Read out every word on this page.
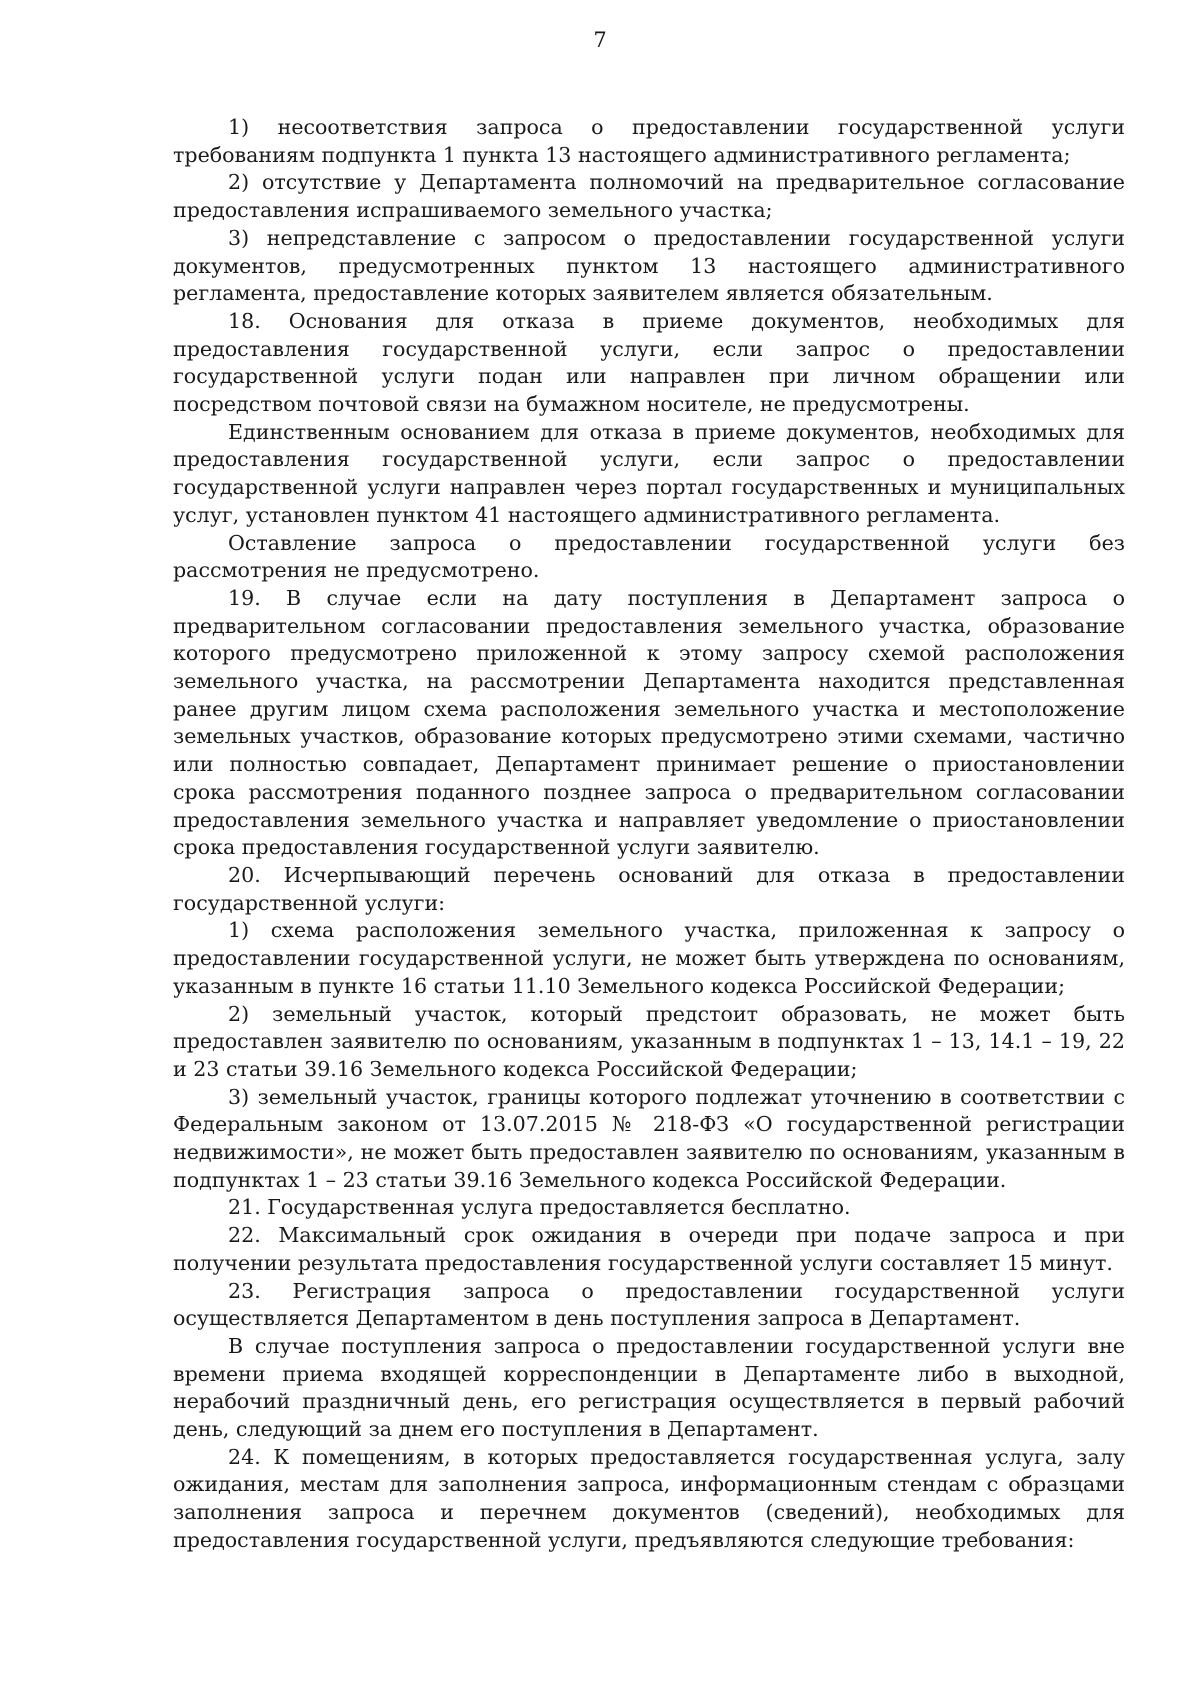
7

1) несоответствия запроса о предоставлении государственной услуги требованиям подпункта 1 пункта 13 настоящего административного регламента;

2) отсутствие у Департамента полномочий на предварительное согласование предоставления испрашиваемого земельного участка;

3) непредставление с запросом о предоставлении государственной услуги документов, предусмотренных пунктом 13 настоящего административного регламента, предоставление которых заявителем является обязательным.

18. Основания для отказа в приеме документов, необходимых для предоставления государственной услуги, если запрос о предоставлении государственной услуги подан или направлен при личном обращении или посредством почтовой связи на бумажном носителе, не предусмотрены.

Единственным основанием для отказа в приеме документов, необходимых для предоставления государственной услуги, если запрос о предоставлении государственной услуги направлен через портал государственных и муниципальных услуг, установлен пунктом 41 настоящего административного регламента.

Оставление запроса о предоставлении государственной услуги без рассмотрения не предусмотрено.

19. В случае если на дату поступления в Департамент запроса о предварительном согласовании предоставления земельного участка, образование которого предусмотрено приложенной к этому запросу схемой расположения земельного участка, на рассмотрении Департамента находится представленная ранее другим лицом схема расположения земельного участка и местоположение земельных участков, образование которых предусмотрено этими схемами, частично или полностью совпадает, Департамент принимает решение о приостановлении срока рассмотрения поданного позднее запроса о предварительном согласовании предоставления земельного участка и направляет уведомление о приостановлении срока предоставления государственной услуги заявителю.

20. Исчерпывающий перечень оснований для отказа в предоставлении государственной услуги:

1) схема расположения земельного участка, приложенная к запросу о предоставлении государственной услуги, не может быть утверждена по основаниям, указанным в пункте 16 статьи 11.10 Земельного кодекса Российской Федерации;

2) земельный участок, который предстоит образовать, не может быть предоставлен заявителю по основаниям, указанным в подпунктах 1 – 13, 14.1 – 19, 22 и 23 статьи 39.16 Земельного кодекса Российской Федерации;

3) земельный участок, границы которого подлежат уточнению в соответствии с Федеральным законом от 13.07.2015 № 218-ФЗ «О государственной регистрации недвижимости», не может быть предоставлен заявителю по основаниям, указанным в подпунктах 1 – 23 статьи 39.16 Земельного кодекса Российской Федерации.

21. Государственная услуга предоставляется бесплатно.

22. Максимальный срок ожидания в очереди при подаче запроса и при получении результата предоставления государственной услуги составляет 15 минут.

23. Регистрация запроса о предоставлении государственной услуги осуществляется Департаментом в день поступления запроса в Департамент.

В случае поступления запроса о предоставлении государственной услуги вне времени приема входящей корреспонденции в Департаменте либо в выходной, нерабочий праздничный день, его регистрация осуществляется в первый рабочий день, следующий за днем его поступления в Департамент.

24. К помещениям, в которых предоставляется государственная услуга, залу ожидания, местам для заполнения запроса, информационным стендам с образцами заполнения запроса и перечнем документов (сведений), необходимых для предоставления государственной услуги, предъявляются следующие требования:
